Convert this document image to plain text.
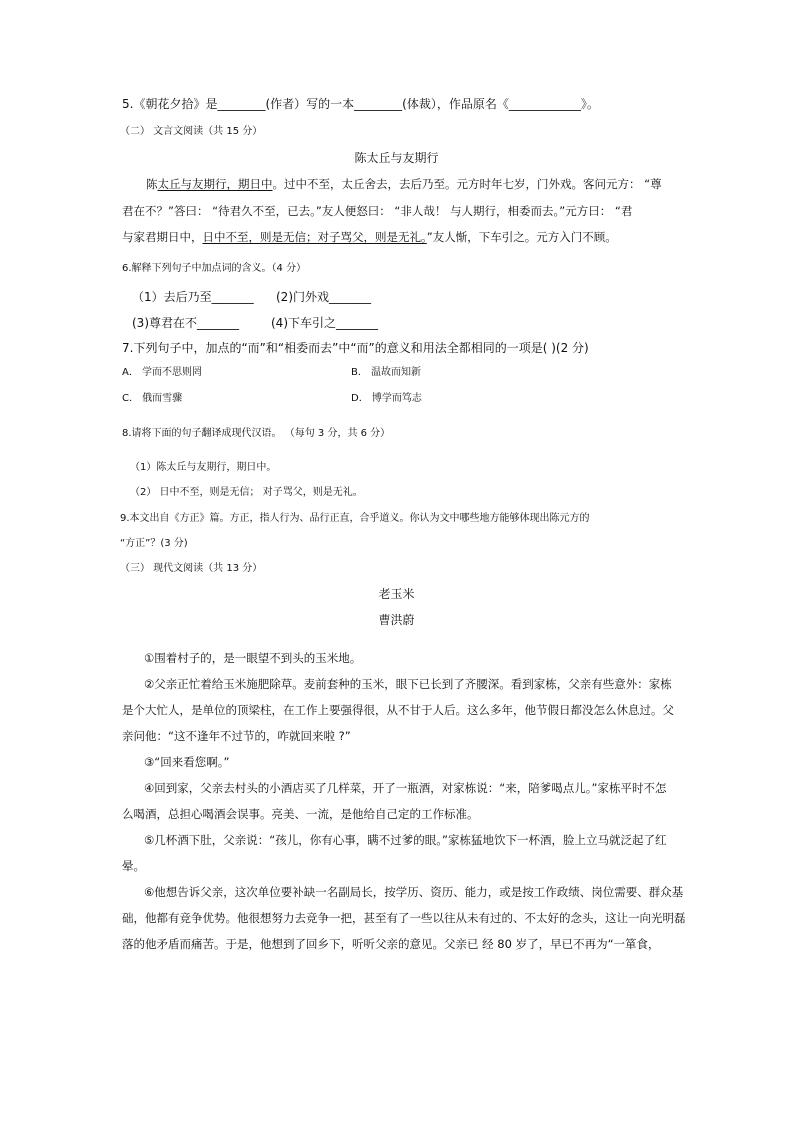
5.《朝花夕拾》是________(作者）写的一本________(体裁），作品原名《____________》。
（二） 文言文阅读（共 15 分）
陈太丘与友期行
陈太丘与友期行，期日中。过中不至，太丘舍去，去后乃至。元方时年七岁，门外戏。客问元方： “尊
君在不？”答曰： “待君久不至，已去。”友人便怒曰： “非人哉！ 与人期行，相委而去。”元方曰： “君
与家君期日中，日中不至，则是无信；对子骂父，则是无礼。”友人惭，下车引之。元方入门不顾。
6.解释下列句子中加点词的含义。（4 分）
（1）去后乃至_______ (2)门外戏_______
(3)尊君在不_______	(4)下车引之_______
7.下列句子中，加点的“而”和“相委而去”中“而”的意义和用法全都相同的一项是( )(2 分)
A． 学而不思则罔	B． 温故而知新
C． 俄而雪骤	D． 博学而笃志
8.请将下面的句子翻译成现代汉语。 （每句 3 分，共 6 分）
（1）陈太丘与友期行，期日中。
（2） 日中不至，则是无信； 对子骂父，则是无礼。
9.本文出自《方正》篇。方正，指人行为、品行正直，合乎道义。你认为文中哪些地方能够体现出陈元方的
“方正”？(3 分)
（三） 现代文阅读（共 13 分）
老玉米
曹洪蔚
①围着村子的，是一眼望不到头的玉米地。
②父亲正忙着给玉米施肥除草。麦前套种的玉米，眼下已长到了齐腰深。看到家栋，父亲有些意外：家栋
是个大忙人，是单位的顶梁柱，在工作上要强得很，从不甘于人后。这么多年，他节假日都没怎么休息过。父
亲问他：“这不逢年不过节的，咋就回来啦 ?”
③“回来看您啊。”
④回到家，父亲去村头的小酒店买了几样菜，开了一瓶酒，对家栋说：“来，陪爹喝点儿。”家栋平时不怎
么喝酒，总担心喝酒会误事。亮美、一流，是他给自己定的工作标准。
⑤几杯酒下肚，父亲说：“孩儿，你有心事，瞒不过爹的眼。”家栋猛地饮下一杯酒，脸上立马就泛起了红
晕。
⑥他想告诉父亲，这次单位要补缺一名副局长，按学历、资历、能力，或是按工作政绩、岗位需要、群众基
础，他都有竞争优势。他很想努力去竞争一把，甚至有了一些以往从未有过的、不太好的念头，这让一向光明磊
落的他矛盾而痛苦。于是，他想到了回乡下，听听父亲的意见。父亲已 经 80 岁了，早已不再为“一箪食，
